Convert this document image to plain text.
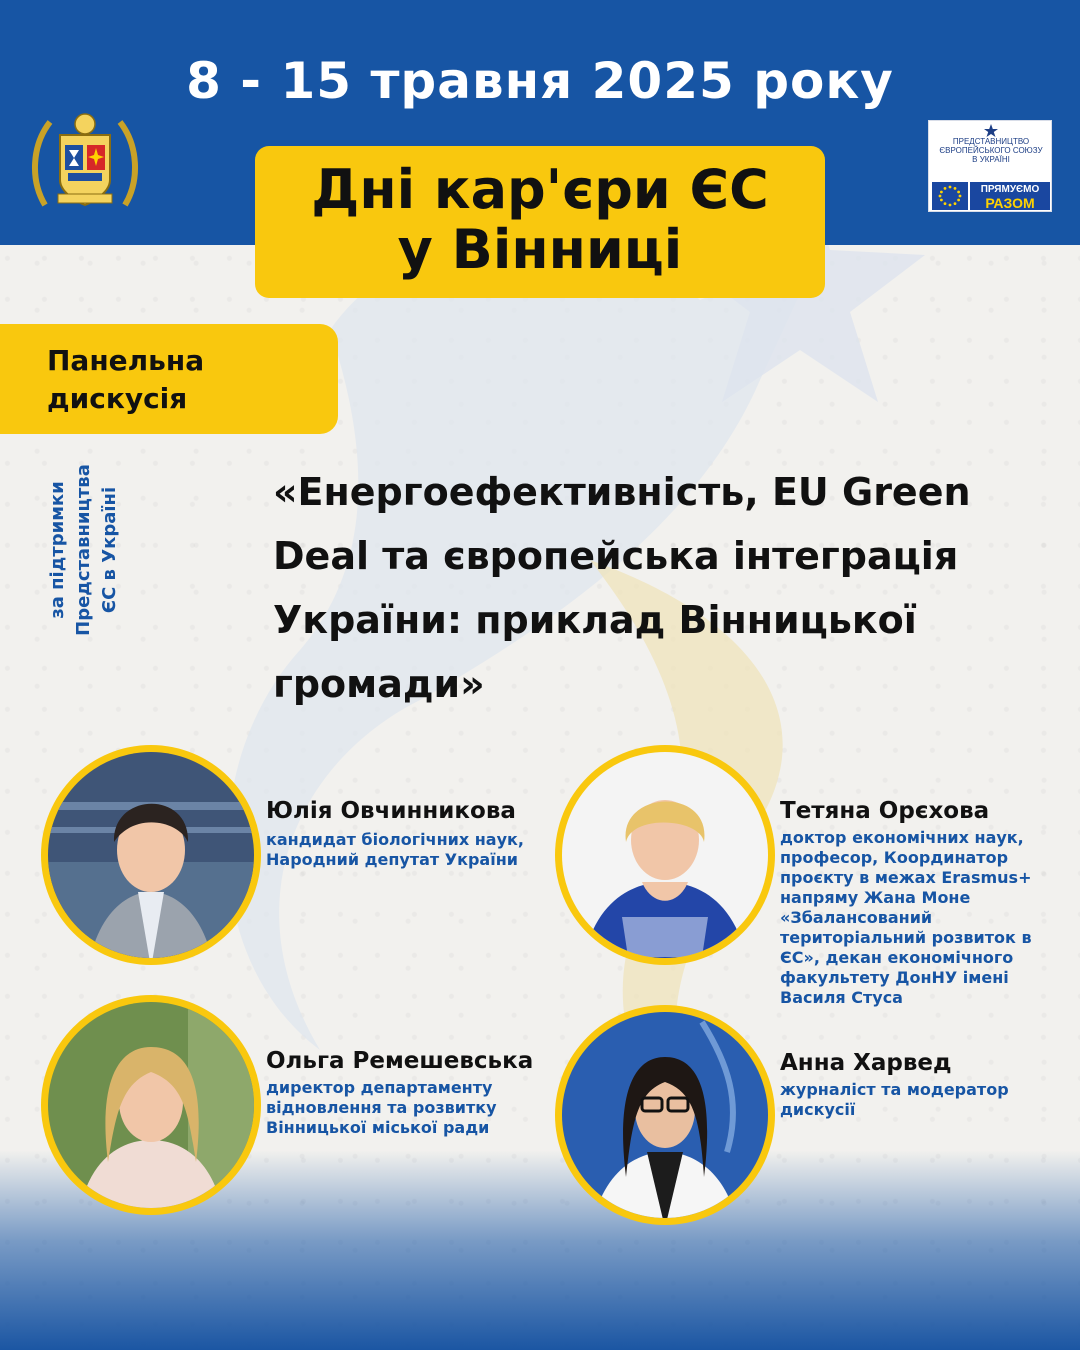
8 - 15 травня 2025 року
ПРЕДСТАВНИЦТВО
ЄВРОПЕЙСЬКОГО СОЮЗУ
В УКРАЇНІ
ПРЯМУЄМО
РАЗОМ
Дні кар'єри ЄС
у Вінниці
Панельна
дискусія
за підтримки Представництва ЄС в Україні	«Енергоефективність, EU Green
Deal та європейська інтеграція
України: приклад Вінницької
громади»
Юлія Овчинникова
кандидат біологічних наук,
Народний депутат України
Тетяна Орєхова
доктор економічних наук,
професор, Координатор
проєкту в межах Erasmus+
напряму Жана Моне
«Збалансований
територіальний розвиток в
ЄС», декан економічного
факультету ДонНУ імені
Василя Стуса
Ольга Ремешевська
директор департаменту
відновлення та розвитку
Вінницької міської ради
Анна Харвед
журналіст та модератор
дискусії
